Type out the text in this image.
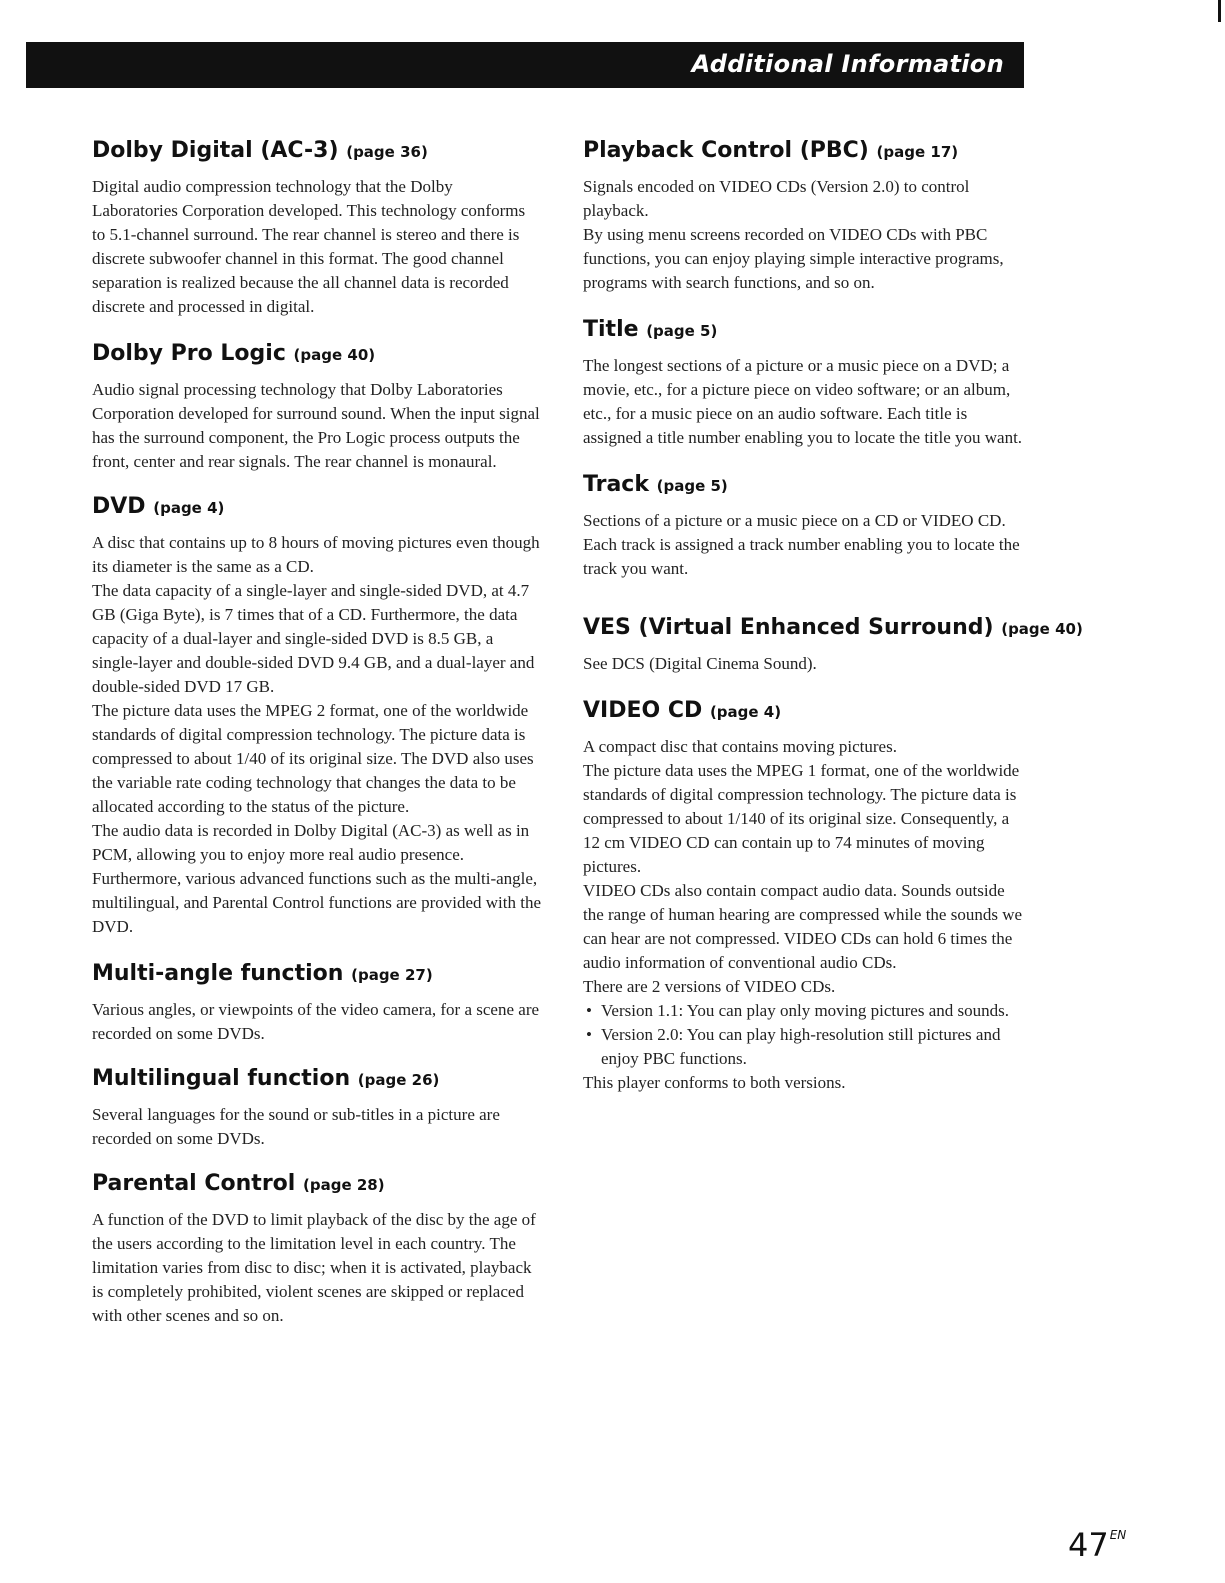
Additional Information
Dolby Digital (AC-3) (page 36)

Digital audio compression technology that the Dolby Laboratories Corporation developed. This technology conforms to 5.1-channel surround. The rear channel is stereo and there is discrete subwoofer channel in this format. The good channel separation is realized because the all channel data is recorded discrete and processed in digital.

Dolby Pro Logic (page 40)

Audio signal processing technology that Dolby Laboratories Corporation developed for surround sound. When the input signal has the surround component, the Pro Logic process outputs the front, center and rear signals. The rear channel is monaural.

DVD (page 4)

A disc that contains up to 8 hours of moving pictures even though its diameter is the same as a CD.

The data capacity of a single-layer and single-sided DVD, at 4.7 GB (Giga Byte), is 7 times that of a CD. Furthermore, the data capacity of a dual-layer and single-sided DVD is 8.5 GB, a single-layer and double-sided DVD 9.4 GB, and a dual-layer and double-sided DVD 17 GB.

The picture data uses the MPEG 2 format, one of the worldwide standards of digital compression technology. The picture data is compressed to about 1/40 of its original size. The DVD also uses the variable rate coding technology that changes the data to be allocated according to the status of the picture.

The audio data is recorded in Dolby Digital (AC-3) as well as in PCM, allowing you to enjoy more real audio presence.

Furthermore, various advanced functions such as the multi-angle, multilingual, and Parental Control functions are provided with the DVD.

Multi-angle function (page 27)

Various angles, or viewpoints of the video camera, for a scene are recorded on some DVDs.

Multilingual function (page 26)

Several languages for the sound or sub-titles in a picture are recorded on some DVDs.

Parental Control (page 28)

A function of the DVD to limit playback of the disc by the age of the users according to the limitation level in each country. The limitation varies from disc to disc; when it is activated, playback is completely prohibited, violent scenes are skipped or replaced with other scenes and so on.

Playback Control (PBC) (page 17)

Signals encoded on VIDEO CDs (Version 2.0) to control playback.

By using menu screens recorded on VIDEO CDs with PBC functions, you can enjoy playing simple interactive programs, programs with search functions, and so on.

Title (page 5)

The longest sections of a picture or a music piece on a DVD; a movie, etc., for a picture piece on video software; or an album, etc., for a music piece on an audio software. Each title is assigned a title number enabling you to locate the title you want.

Track (page 5)

Sections of a picture or a music piece on a CD or VIDEO CD. Each track is assigned a track number enabling you to locate the track you want.

VES (Virtual Enhanced Surround) (page 40)

See DCS (Digital Cinema Sound).

VIDEO CD (page 4)

A compact disc that contains moving pictures.

The picture data uses the MPEG 1 format, one of the worldwide standards of digital compression technology. The picture data is compressed to about 1/140 of its original size. Consequently, a 12 cm VIDEO CD can contain up to 74 minutes of moving pictures.

VIDEO CDs also contain compact audio data. Sounds outside the range of human hearing are compressed while the sounds we can hear are not compressed. VIDEO CDs can hold 6 times the audio information of conventional audio CDs.

There are 2 versions of VIDEO CDs.

• Version 1.1: You can play only moving pictures and sounds.
• Version 2.0: You can play high-resolution still pictures and enjoy PBC functions.

This player conforms to both versions.

$47^{EN}$
